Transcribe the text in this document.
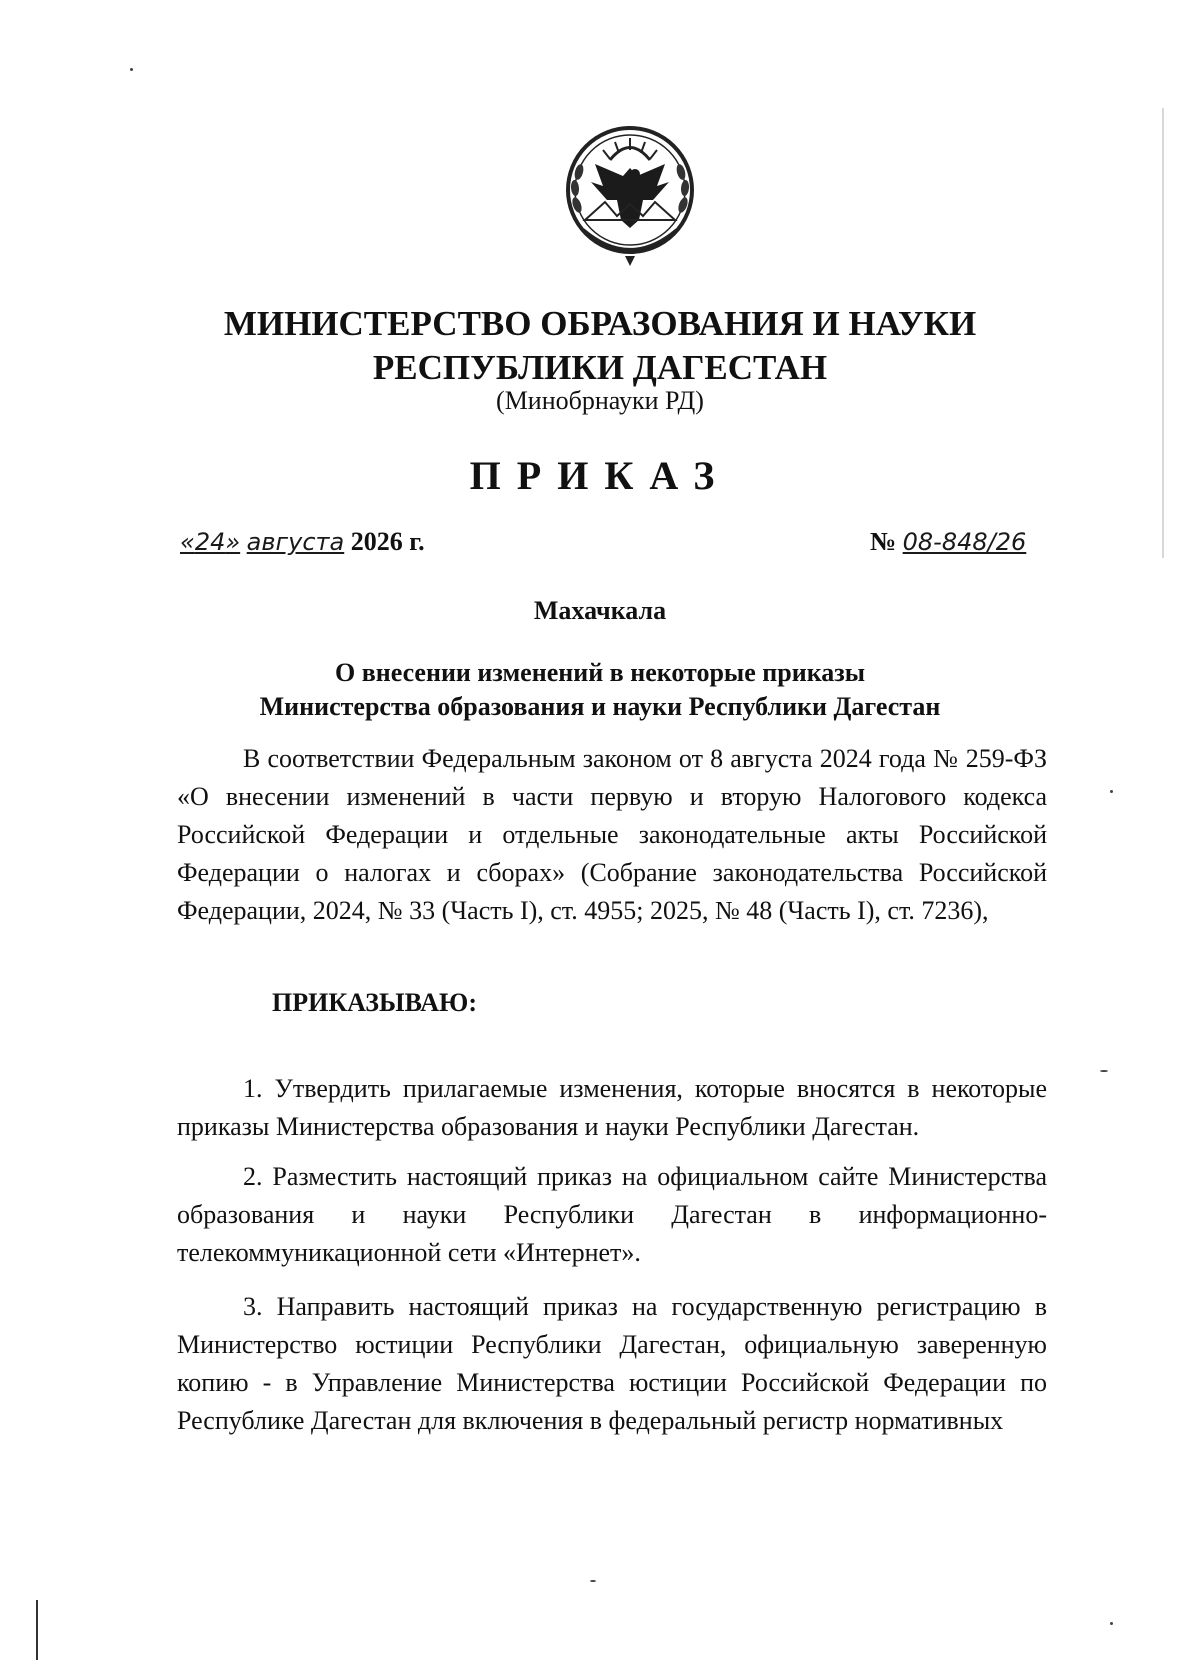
МИНИСТЕРСТВО ОБРАЗОВАНИЯ И НАУКИ
РЕСПУБЛИКИ ДАГЕСТАН
(Минобрнауки РД)
ПРИКАЗ
«24» августа 2026 г.	№ 08-848/26
Махачкала
О внесении изменений в некоторые приказы
Министерства образования и науки Республики Дагестан
В соответствии Федеральным законом от 8 августа 2024 года № 259-ФЗ «О внесении изменений в части первую и вторую Налогового кодекса Российской Федерации и отдельные законодательные акты Российской Федерации о налогах и сборах» (Собрание законодательства Российской Федерации, 2024, № 33 (Часть I), ст. 4955; 2025, № 48 (Часть I), ст. 7236),
ПРИКАЗЫВАЮ:
1. Утвердить прилагаемые изменения, которые вносятся в некоторые приказы Министерства образования и науки Республики Дагестан.
2. Разместить настоящий приказ на официальном сайте Министерства образования и науки Республики Дагестан в информационно-телекоммуникационной сети «Интернет».
3. Направить настоящий приказ на государственную регистрацию в Министерство юстиции Республики Дагестан, официальную заверенную копию - в Управление Министерства юстиции Российской Федерации по Республике Дагестан для включения в федеральный регистр нормативных
